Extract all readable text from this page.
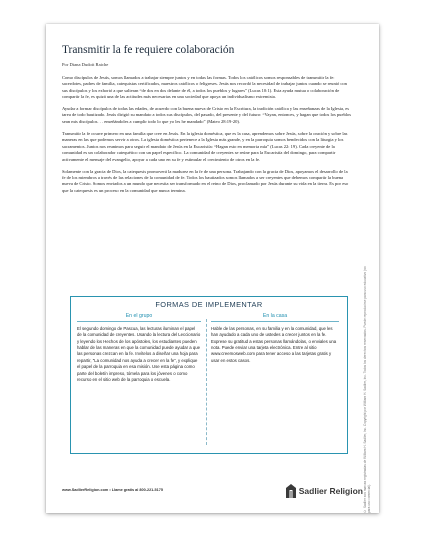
Transmitir la fe requiere colaboración
Por Diana Dudoit Raiche

Como discípulos de Jesús, somos llamados a trabajar siempre juntos y en todas las formas. Todos los católicos somos responsables de transmitir la fe: sacerdotes, padres de familia, catequistas certificados, maestros católicos o feligreses. Jesús nos recordó la necesidad de trabajar juntos cuando se reunió con sus discípulos y los exhortó a que salieran “de dos en dos delante de él, a todos los pueblos y lugares” (Lucas 10:1). Esta ayuda mutua o colaboración de compartir la fe, es quizá una de las actitudes más necesarias en una sociedad que apoya un individualismo extremista.

Ayudar a formar discípulos de todas las edades, de acuerdo con la buena nueva de Cristo en la Escritura, la tradición católica y las enseñanzas de la Iglesia, es tarea de todo bautizado. Jesús dirigió su mandato a todos sus discípulos, del pasado, del presente y del futuro: “Vayan, entonces, y hagan que todos los pueblos sean mis discípulos. . . enseñándoles a cumplir todo lo que yo les he mandado” (Mateo 28:19-20).

Transmitir la fe ocurre primero en una familia que cree en Jesús. En la iglesia doméstica, que es la casa, aprendemos sobre Jesús, sobre la oración y sobre las maneras en las que podemos servir a otros. La iglesia doméstica pertenece a la Iglesia más grande, y en la parroquia somos bendecidos con la liturgia y los sacramentos. Juntos nos reunimos para seguir el mandato de Jesús en la Eucaristía: “Hagan esto en memoria mía” (Lucas 22: 19). Cada creyente de la comunidad es un colaborador catequético con un papel específico. La comunidad de creyentes se reúne para la Eucaristía del domingo, para compartir activamente el mensaje del evangelio, apoyar a cada uno en su fe y estimular el crecimiento de otros en la fe.

Solamente con la gracia de Dios, la catequesis promoverá la madurez en la fe de una persona. Trabajando con la gracia de Dios, apoyamos el desarrollo de la fe de los miembros a través de las relaciones de la comunidad de fe. Todos los bautizados somos llamados a ser creyentes que debemos compartir la buena nueva de Cristo. Somos enviados a un mundo que necesita ser transformado en el reino de Dios, proclamado por Jesús durante su vida en la tierra. Es por eso que la catequesis es un proceso en la comunidad que nunca termina.

FORMAS DE IMPLEMENTAR
En el grupo
El segundo domingo de Pascua, las lecturas iluminan el papel de la comunidad de creyentes. Usando la lectura del Leccionario y leyendo los Hechos de los apóstoles, los estudiantes pueden hablar de las maneras en que la comunidad puede ayudar a que las personas crezcan en la fe. Invítelos a diseñar una hoja para repartir, “La comunidad nos ayuda a crecer en la fe”, y explique el papel de la parroquia en esa misión. Use esta página como parte del boletín impreso, tómela para los jóvenes o como recurso en el sitio web de la parroquia o escuela.
En la casa
Hable de las personas, en su familia y en la comunidad, que les han ayudado a cada uno de ustedes a crecer juntos en la fe. Exprese su gratitud a estas personas llamándolas, o enviales una nota. Puede enviar una tarjeta electrónica. Entre al sitio www.creemosweb.com para tener acceso a las tarjetas gratis y usar en estos casos.	© Sadlier son marcas registradas de William H. Sadlier, Inc. Copyright por William H. Sadlier, Inc. Todos los derechos reservados. Puede reproducirse para uso educativo (no para uso comercial).
www.SadlierReligion.com • Llame gratis al 800-221-5175	Sadlier Religion
